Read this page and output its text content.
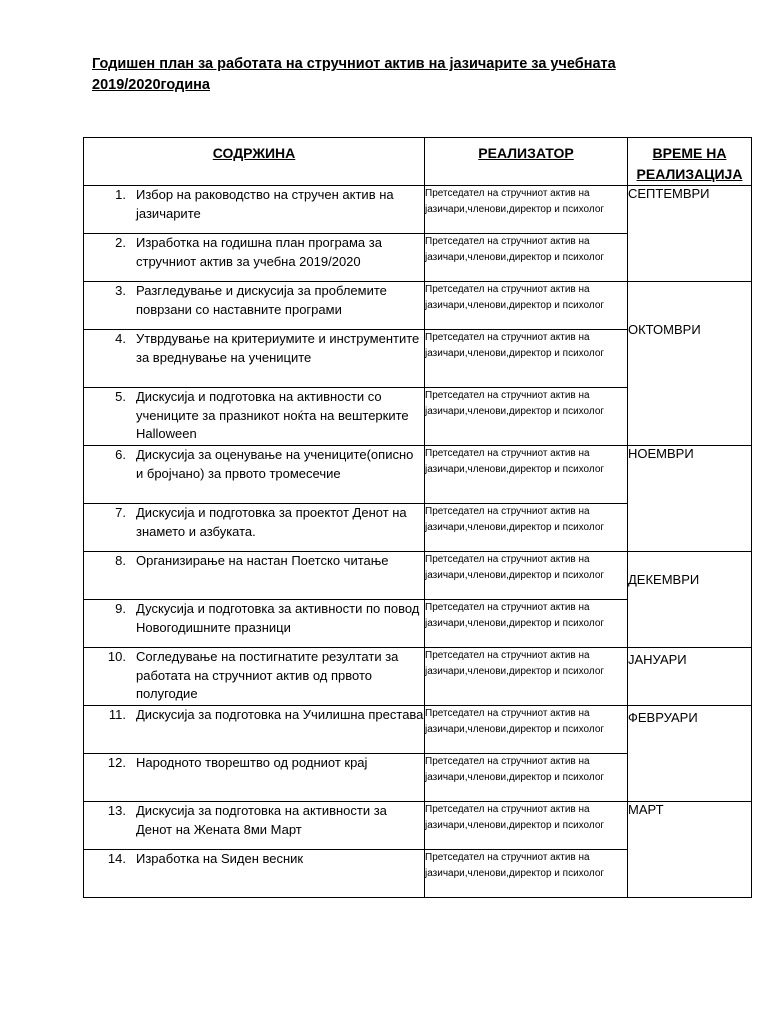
Годишен план за работата на стручниот актив на јазичарите за учебната 2019/2020година
СОДРЖИНА	РЕАЛИЗАТОР	ВРЕМЕ НА РЕАЛИЗАЦИЈА

1. Избор на раководство на стручен актив на јазичарите	Претседател на стручниот актив на јазичари,членови,директор и психолог	СЕПТЕМВРИ

2. Изработка на годишна план програма за стручниот актив за учебна 2019/2020	Претседател на стручниот актив на јазичари,членови,директор и психолог	

3. Разгледување и дискусија за проблемите поврзани со наставните програми	Претседател на стручниот актив на јазичари,членови,директор и психолог	ОКТОМВРИ

4. Утврдување на критериумите и инструментите за вреднување на учениците	Претседател на стручниот актив на јазичари,членови,директор и психолог	

5. Дискусија и подготовка на активности со учениците за празникот ноќта на вештерките Halloween	Претседател на стручниот актив на јазичари,членови,директор и психолог	

6. Дискусија за оценување на учениците(описно и бројчано) за првото тромесечие	Претседател на стручниот актив на јазичари,членови,директор и психолог	НОЕМВРИ

7. Дискусија и подготовка за проектот Денот на знамето и азбуката.	Претседател на стручниот актив на јазичари,членови,директор и психолог	

8. Организирање на настан Поетско читање	Претседател на стручниот актив на јазичари,членови,директор и психолог	ДЕКЕМВРИ

9. Дускусија и подготовка за активности по повод Новогодишните празници	Претседател на стручниот актив на јазичари,членови,директор и психолог	

10. Согледување на постигнатите резултати за работата на стручниот актив од првото полугодие	Претседател на стручниот актив на јазичари,членови,директор и психолог	ЈАНУАРИ

11. Дискусија за подготовка на Училишна престава	Претседател на стручниот актив на јазичари,членови,директор и психолог	ФЕВРУАРИ

12. Народното творештво од родниот крај	Претседател на стручниот актив на јазичари,членови,директор и психолог	

13. Дискусија за подготовка на активности за Денот на Жената 8ми Март	Претседател на стручниот актив на јазичари,членови,директор и психолог	МАРТ

14. Изработка на Ѕиден весник	Претседател на стручниот актив на јазичари,членови,директор и психолог	
